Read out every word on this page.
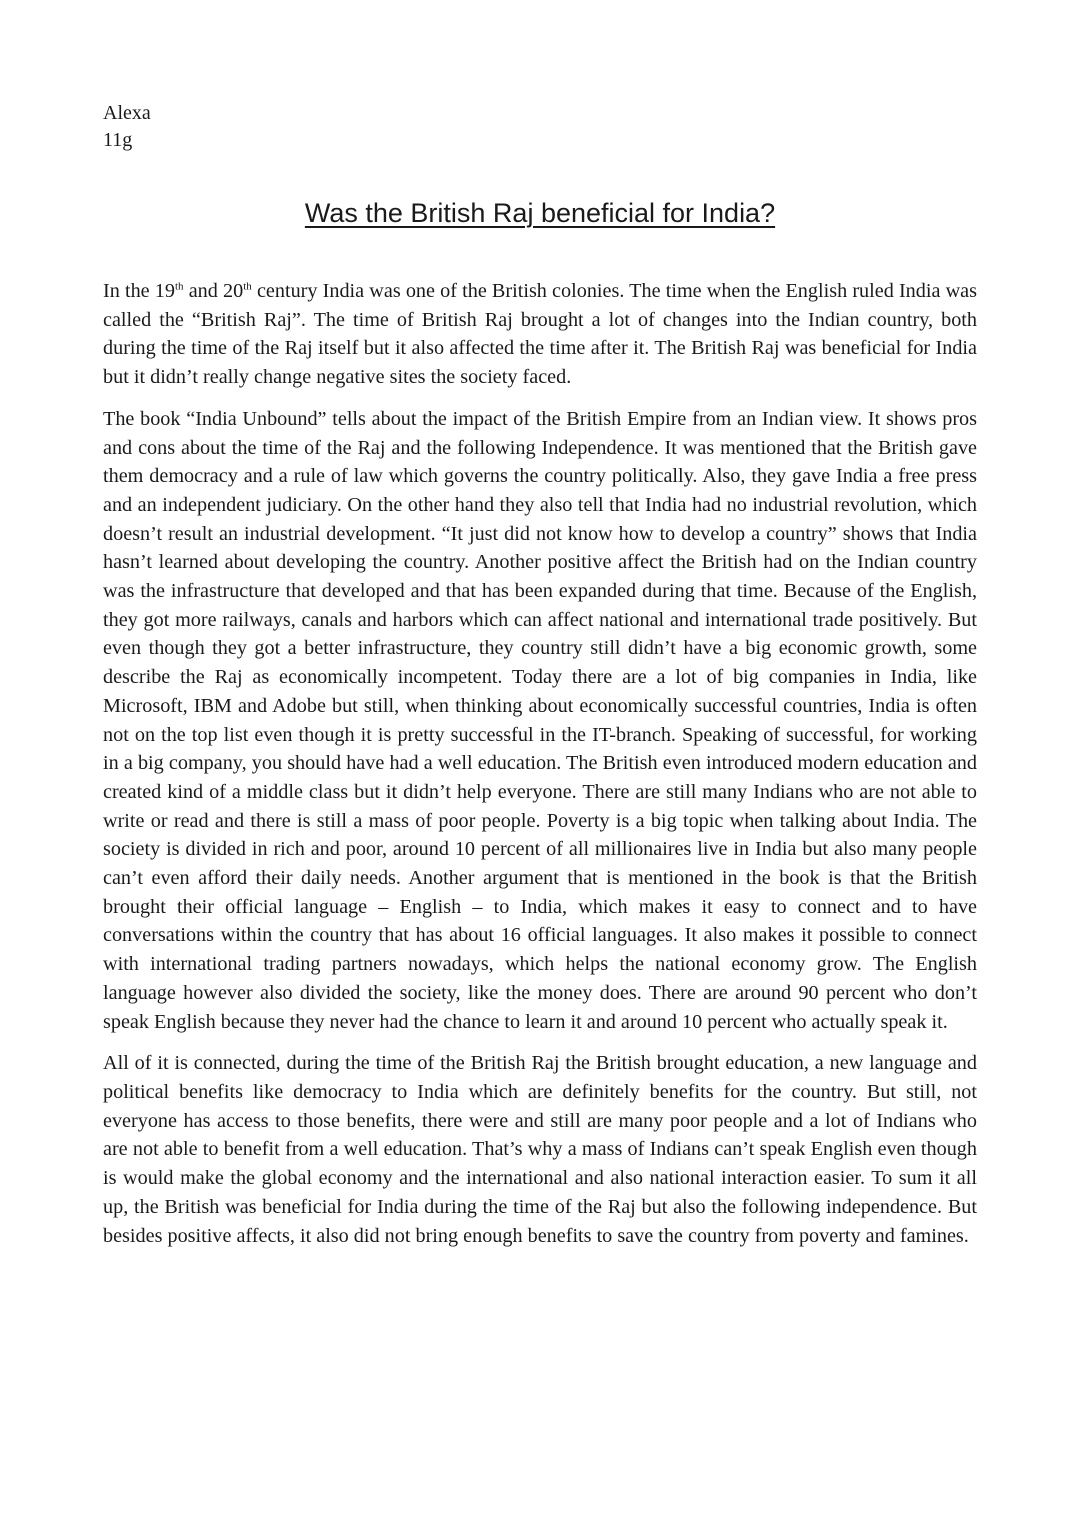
Alexa
11g
Was the British Raj beneficial for India?

In the 19th and 20th century India was one of the British colonies. The time when the English ruled India was called the “British Raj”. The time of British Raj brought a lot of changes into the Indian country, both during the time of the Raj itself but it also affected the time after it. The British Raj was beneficial for India but it didn’t really change negative sites the society faced.

The book “India Unbound” tells about the impact of the British Empire from an Indian view. It shows pros and cons about the time of the Raj and the following Independence. It was mentioned that the British gave them democracy and a rule of law which governs the country politically. Also, they gave India a free press and an independent judiciary. On the other hand they also tell that India had no industrial revolution, which doesn’t result an industrial development. “It just did not know how to develop a country” shows that India hasn’t learned about developing the country. Another positive affect the British had on the Indian country was the infrastructure that developed and that has been expanded during that time. Because of the English, they got more railways, canals and harbors which can affect national and international trade positively. But even though they got a better infrastructure, they country still didn’t have a big economic growth, some describe the Raj as economically incompetent. Today there are a lot of big companies in India, like Microsoft, IBM and Adobe but still, when thinking about economically successful countries, India is often not on the top list even though it is pretty successful in the IT-branch. Speaking of successful, for working in a big company, you should have had a well education. The British even introduced modern education and created kind of a middle class but it didn’t help everyone. There are still many Indians who are not able to write or read and there is still a mass of poor people. Poverty is a big topic when talking about India. The society is divided in rich and poor, around 10 percent of all millionaires live in India but also many people can’t even afford their daily needs. Another argument that is mentioned in the book is that the British brought their official language – English – to India, which makes it easy to connect and to have conversations within the country that has about 16 official languages. It also makes it possible to connect with international trading partners nowadays, which helps the national economy grow. The English language however also divided the society, like the money does. There are around 90 percent who don’t speak English because they never had the chance to learn it and around 10 percent who actually speak it.

All of it is connected, during the time of the British Raj the British brought education, a new language and political benefits like democracy to India which are definitely benefits for the country. But still, not everyone has access to those benefits, there were and still are many poor people and a lot of Indians who are not able to benefit from a well education. That’s why a mass of Indians can’t speak English even though is would make the global economy and the international and also national interaction easier. To sum it all up, the British was beneficial for India during the time of the Raj but also the following independence. But besides positive affects, it also did not bring enough benefits to save the country from poverty and famines.
